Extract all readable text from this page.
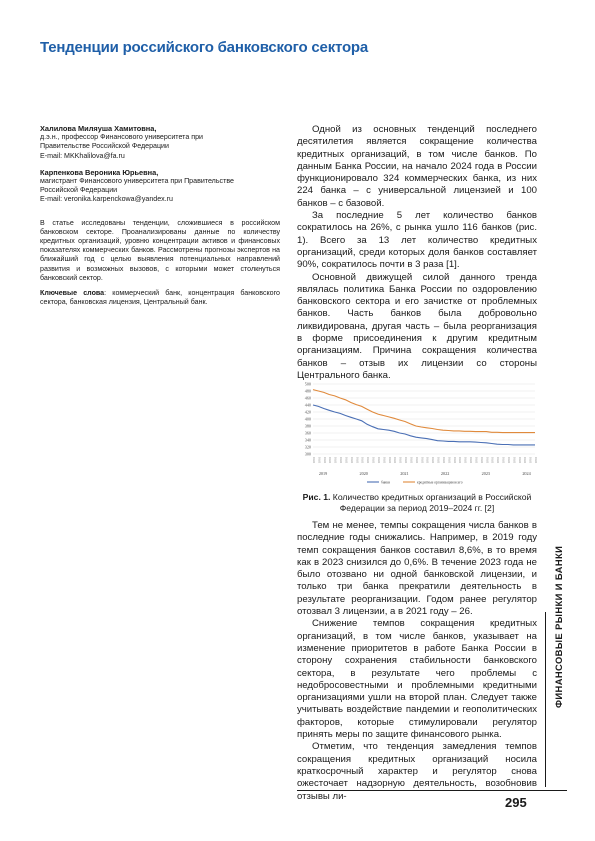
Тенденции российского банковского сектора
Халилова Миляуша Хамитовна,
д.э.н., профессор Финансового университета при
Правительстве Российской Федерации
E-mail: MKKhalilova@fa.ru
Карпенкова Вероника Юрьевна,
магистрант Финансового университета при Правительстве
Российской Федерации
E-mail: veronika.karpenckowa@yandex.ru
В статье исследованы тенденции, сложившиеся в российском банковском секторе. Проанализированы данные по количеству кредитных организаций, уровню концентрации активов и финансовых показателях коммерческих банков. Рассмотрены прогнозы экспертов на ближайший год с целью выявления потенциальных направлений развития и возможных вызовов, с которыми может столкнуться банковский сектор.
Ключевые слова: коммерческий банк, концентрация банковского сектора, банковская лицензия, Центральный банк.

Одной из основных тенденций последнего десятилетия является сокращение количества кредитных организаций, в том числе банков. По данным Банка России, на начало 2024 года в России функционировало 324 коммерческих банка, из них 224 банка – с универсальной лицензией и 100 банков – с базовой.

За последние 5 лет количество банков сократилось на 26%, с рынка ушло 116 банков (рис. 1). Всего за 13 лет количество кредитных организаций, среди которых доля банков составляет 90%, сократилось почти в 3 раза [1].

Основной движущей силой данного тренда являлась политика Банка России по оздоровлению банковского сектора и его зачистке от проблемных банков. Часть банков была добровольно ликвидирована, другая часть – была реорганизация в форме присоединения к другим кредитным организациям. Причина сокращения количества банков – отзыв их лицензии со стороны Центрального банка.

300
320
340
360
380
400
420
440
460
480
500
01.01 01.01 01.01 01.01 01.01 01.01 01.01 01.01 01.01 01.01 01.01 01.01 01.01 01.01 01.01 01.01 01.01 01.01 01.01 01.01 01.01 01.01 01.01 01.01 01.01 01.01 01.01 01.01 01.01 01.01 01.01 01.01 01.01 01.01 01.01 01.01 01.01 01.01 01.01 01.01 01.01 01.01
2019	2020	2021	2022	2023	2024
банки	кредитные организации всего
Рис. 1. Количество кредитных организаций в Российской Федерации за период 2019–2024 гг. [2]

Тем не менее, темпы сокращения числа банков в последние годы снижались. Например, в 2019 году темп сокращения банков составил 8,6%, в то время как в 2023 снизился до 0,6%. В течение 2023 года не было отозвано ни одной банковской лицензии, и только три банка прекратили деятельность в результате реорганизации. Годом ранее регулятор отозвал 3 лицензии, а в 2021 году – 26.

Снижение темпов сокращения кредитных организаций, в том числе банков, указывает на изменение приоритетов в работе Банка России в сторону сохранения стабильности банковского сектора, в результате чего проблемы с недобросовестными и проблемными кредитными организациями ушли на второй план. Следует также учитывать воздействие пандемии и геополитических факторов, которые стимулировали регулятор принять меры по защите финансового рынка.

Отметим, что тенденция замедления темпов сокращения кредитных организаций носила краткосрочный характер и регулятор снова ожесточает надзорную деятельность, возобновив отзывы ли-

ФИНАНСОВЫЕ РЫНКИ И БАНКИ
295
